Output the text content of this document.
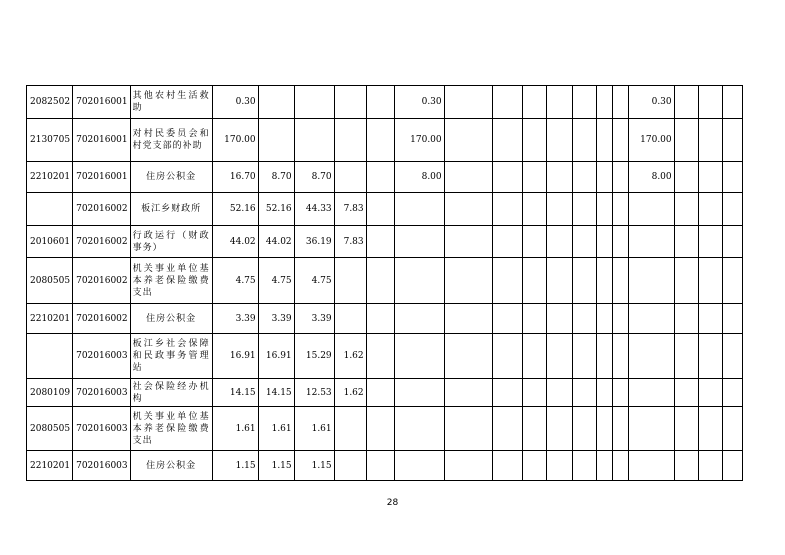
2082502	702016001	其他农村生活救助	0.30					0.30								0.30			
2130705	702016001	对村民委员会和村党支部的补助	170.00					170.00								170.00			
2210201	702016001	住房公积金	16.70	8.70	8.70			8.00								8.00			
	702016002	板江乡财政所	52.16	52.16	44.33	7.83													
2010601	702016002	行政运行（财政事务）	44.02	44.02	36.19	7.83													
2080505	702016002	机关事业单位基本养老保险缴费支出	4.75	4.75	4.75														
2210201	702016002	住房公积金	3.39	3.39	3.39														
	702016003	板江乡社会保障和民政事务管理站	16.91	16.91	15.29	1.62													
2080109	702016003	社会保险经办机构	14.15	14.15	12.53	1.62													
2080505	702016003	机关事业单位基本养老保险缴费支出	1.61	1.61	1.61														
2210201	702016003	住房公积金	1.15	1.15	1.15														
28
